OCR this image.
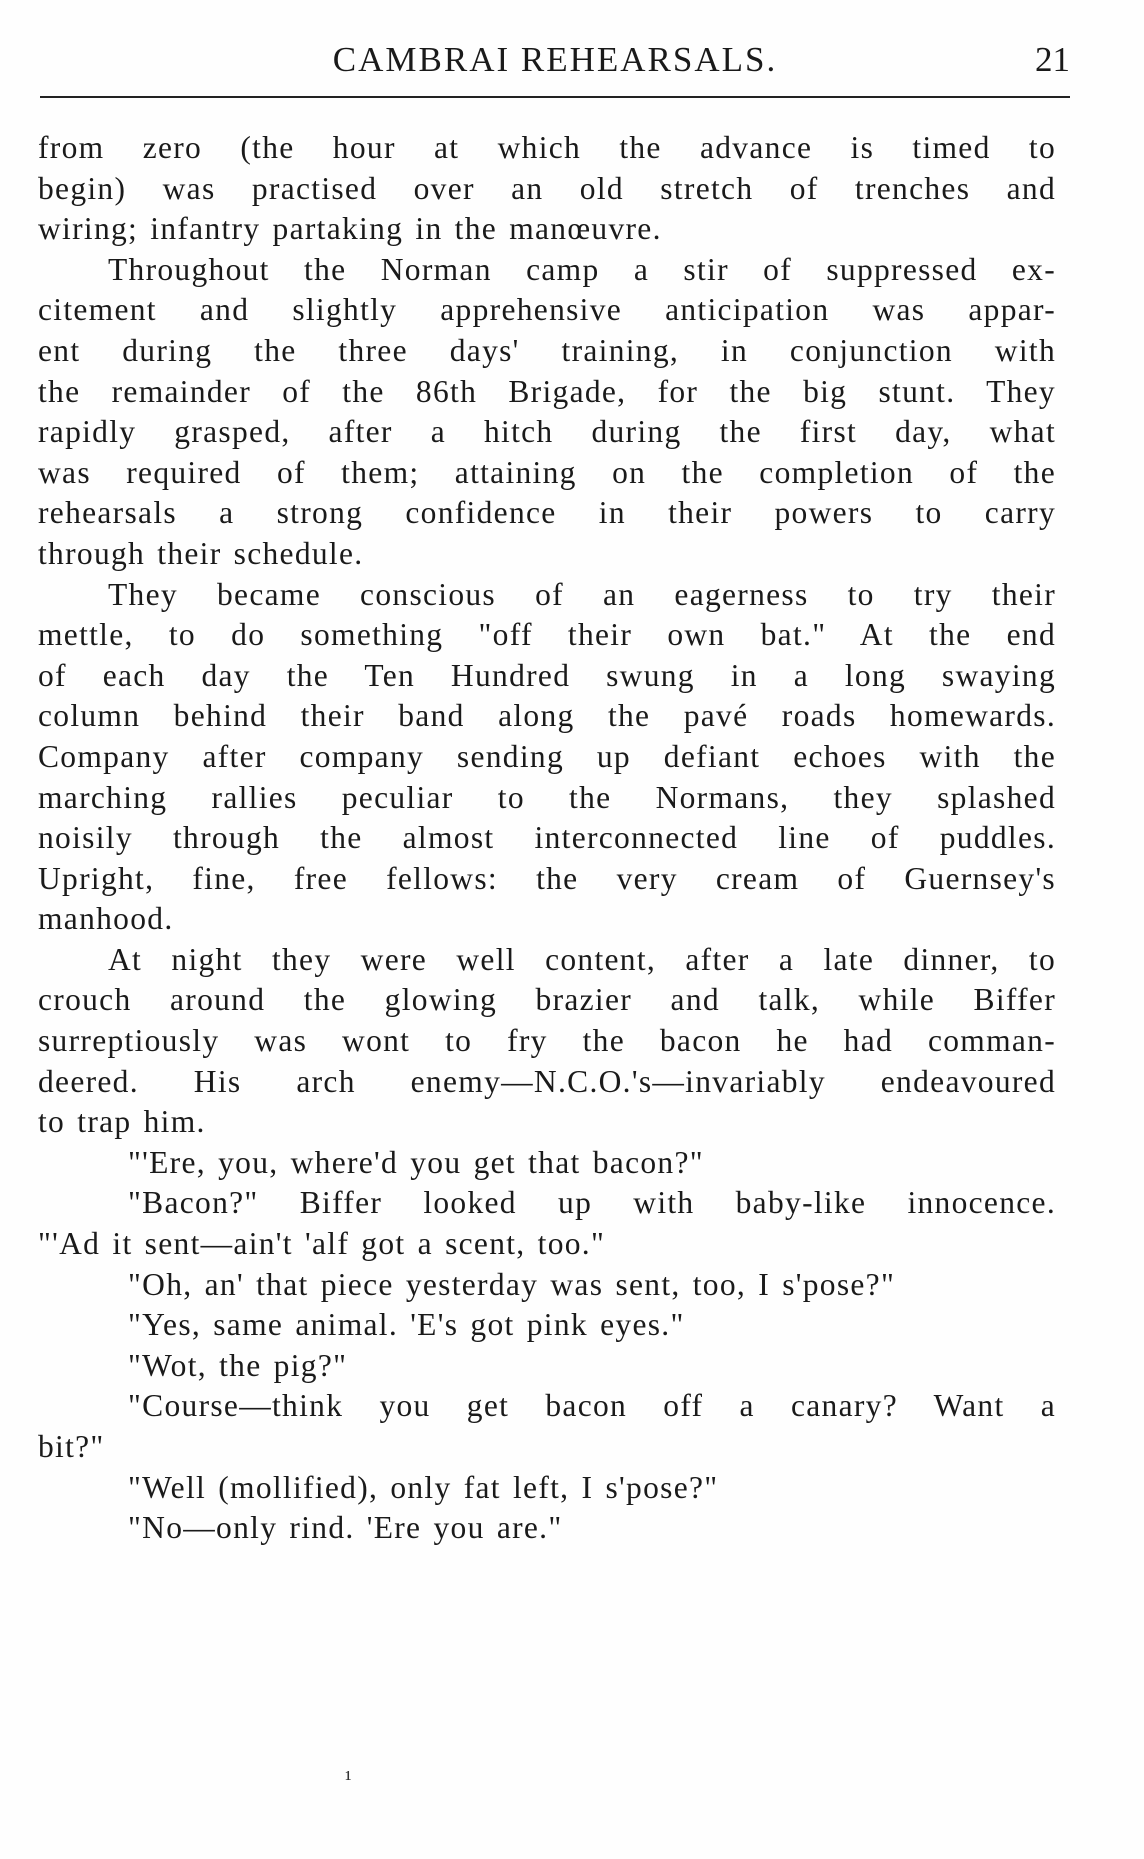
CAMBRAI REHEARSALS.	21
from zero (the hour at which the advance is timed to
begin) was practised over an old stretch of trenches and
wiring; infantry partaking in the manœuvre.
Throughout the Norman camp a stir of suppressed ex-
citement and slightly apprehensive anticipation was appar-
ent during the three days' training, in conjunction with
the remainder of the 86th Brigade, for the big stunt. They
rapidly grasped, after a hitch during the first day, what
was required of them; attaining on the completion of the
rehearsals a strong confidence in their powers to carry
through their schedule.
They became conscious of an eagerness to try their
mettle, to do something "off their own bat." At the end
of each day the Ten Hundred swung in a long swaying
column behind their band along the pavé roads homewards.
Company after company sending up defiant echoes with the
marching rallies peculiar to the Normans, they splashed
noisily through the almost interconnected line of puddles.
Upright, fine, free fellows: the very cream of Guernsey's
manhood.
At night they were well content, after a late dinner, to
crouch around the glowing brazier and talk, while Biffer
surreptiously was wont to fry the bacon he had comman-
deered. His arch enemy—N.C.O.'s—invariably endeavoured
to trap him.
"'Ere, you, where'd you get that bacon?"
"Bacon?" Biffer looked up with baby-like innocence.
"'Ad it sent—ain't 'alf got a scent, too."
"Oh, an' that piece yesterday was sent, too, I s'pose?"
"Yes, same animal. 'E's got pink eyes."
"Wot, the pig?"
"Course—think you get bacon off a canary? Want a
bit?"
"Well (mollified), only fat left, I s'pose?"
"No—only rind. 'Ere you are."
¹
